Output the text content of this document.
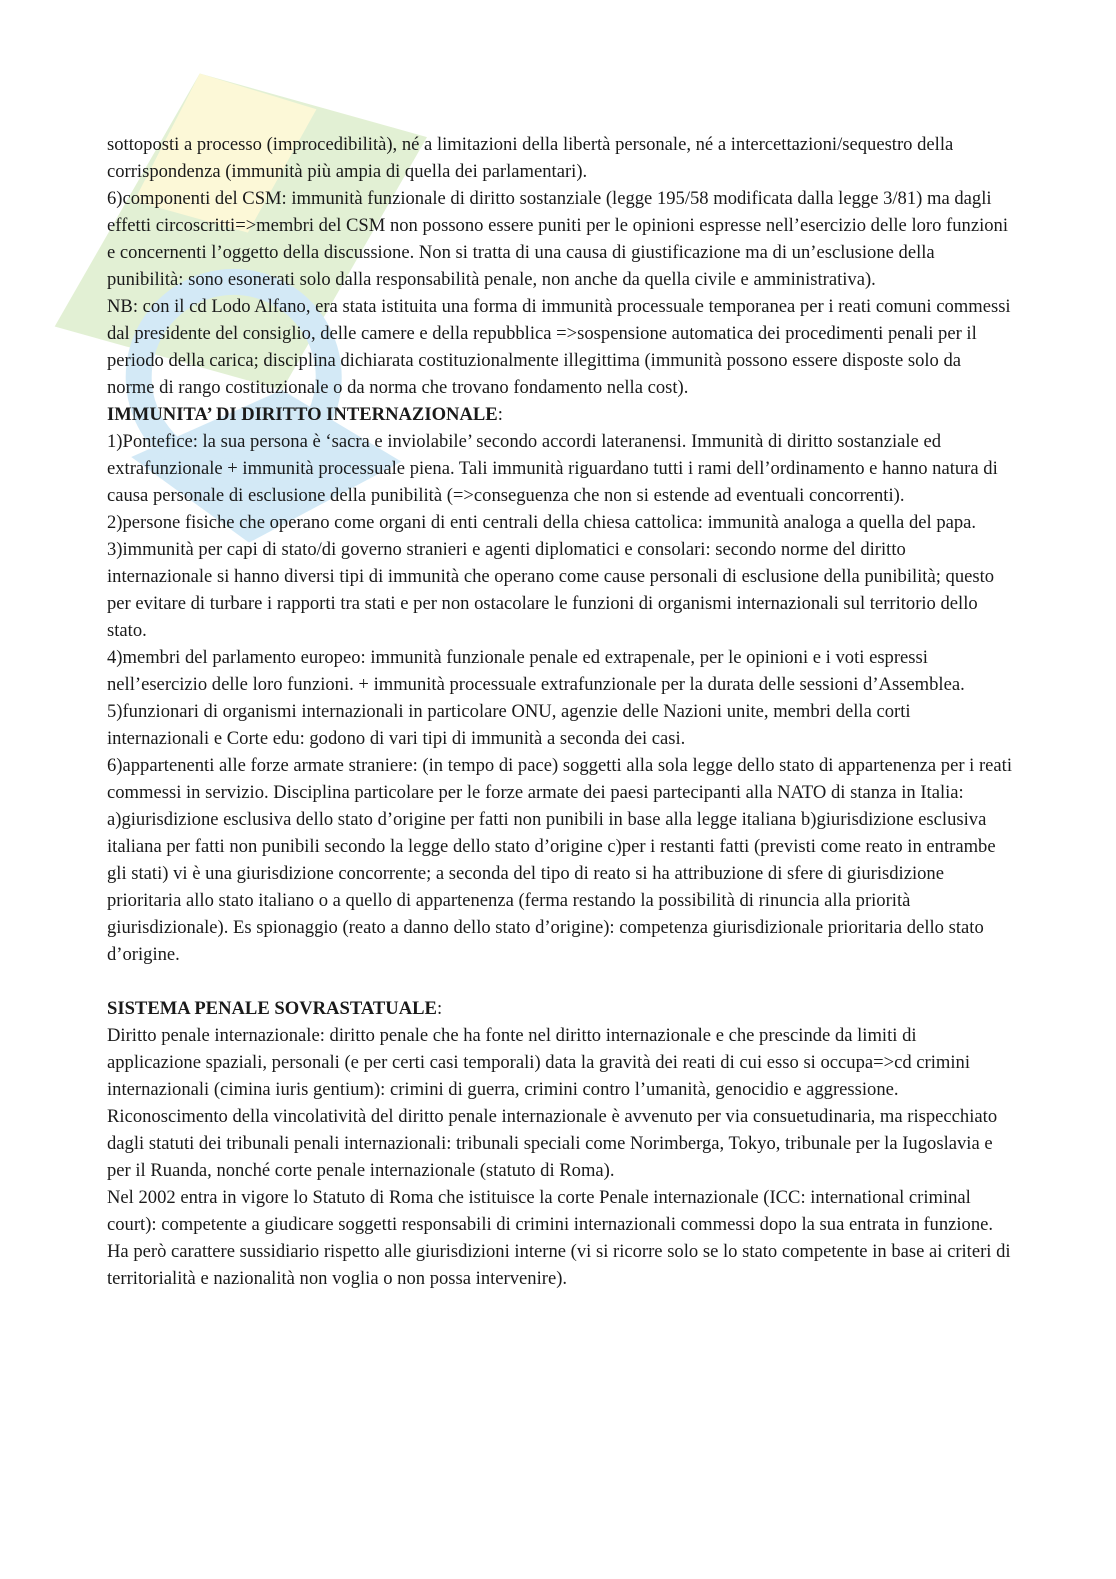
sottoposti a processo (improcedibilità), né a limitazioni della libertà personale, né a intercettazioni/sequestro della corrispondenza (immunità più ampia di quella dei parlamentari).

6)componenti del CSM: immunità funzionale di diritto sostanziale (legge 195/58 modificata dalla legge 3/81) ma dagli effetti circoscritti=>membri del CSM non possono essere puniti per le opinioni espresse nell’esercizio delle loro funzioni e concernenti l’oggetto della discussione. Non si tratta di una causa di giustificazione ma di un’esclusione della punibilità: sono esonerati solo dalla responsabilità penale, non anche da quella civile e amministrativa).

NB: con il cd Lodo Alfano, era stata istituita una forma di immunità processuale temporanea per i reati comuni commessi dal presidente del consiglio, delle camere e della repubblica =>sospensione automatica dei procedimenti penali per il periodo della carica; disciplina dichiarata costituzionalmente illegittima (immunità possono essere disposte solo da norme di rango costituzionale o da norma che trovano fondamento nella cost).

IMMUNITA’ DI DIRITTO INTERNAZIONALE:

1)Pontefice: la sua persona è ‘sacra e inviolabile’ secondo accordi lateranensi. Immunità di diritto sostanziale ed extrafunzionale + immunità processuale piena. Tali immunità riguardano tutti i rami dell’ordinamento e hanno natura di causa personale di esclusione della punibilità (=>conseguenza che non si estende ad eventuali concorrenti).

2)persone fisiche che operano come organi di enti centrali della chiesa cattolica: immunità analoga a quella del papa.

3)immunità per capi di stato/di governo stranieri e agenti diplomatici e consolari: secondo norme del diritto internazionale si hanno diversi tipi di immunità che operano come cause personali di esclusione della punibilità; questo per evitare di turbare i rapporti tra stati e per non ostacolare le funzioni di organismi internazionali sul territorio dello stato.

4)membri del parlamento europeo: immunità funzionale penale ed extrapenale, per le opinioni e i voti espressi nell’esercizio delle loro funzioni. + immunità processuale extrafunzionale per la durata delle sessioni d’Assemblea.

5)funzionari di organismi internazionali in particolare ONU, agenzie delle Nazioni unite, membri della corti internazionali e Corte edu: godono di vari tipi di immunità a seconda dei casi.

6)appartenenti alle forze armate straniere: (in tempo di pace) soggetti alla sola legge dello stato di appartenenza per i reati commessi in servizio. Disciplina particolare per le forze armate dei paesi partecipanti alla NATO di stanza in Italia: a)giurisdizione esclusiva dello stato d’origine per fatti non punibili in base alla legge italiana b)giurisdizione esclusiva italiana per fatti non punibili secondo la legge dello stato d’origine c)per i restanti fatti (previsti come reato in entrambe gli stati) vi è una giurisdizione concorrente; a seconda del tipo di reato si ha attribuzione di sfere di giurisdizione prioritaria allo stato italiano o a quello di appartenenza (ferma restando la possibilità di rinuncia alla priorità giurisdizionale). Es spionaggio (reato a danno dello stato d’origine): competenza giurisdizionale prioritaria dello stato d’origine.

SISTEMA PENALE SOVRASTATUALE:

Diritto penale internazionale: diritto penale che ha fonte nel diritto internazionale e che prescinde da limiti di applicazione spaziali, personali (e per certi casi temporali) data la gravità dei reati di cui esso si occupa=>cd crimini internazionali (cimina iuris gentium): crimini di guerra, crimini contro l’umanità, genocidio e aggressione.

Riconoscimento della vincolatività del diritto penale internazionale è avvenuto per via consuetudinaria, ma rispecchiato dagli statuti dei tribunali penali internazionali: tribunali speciali come Norimberga, Tokyo, tribunale per la Iugoslavia e per il Ruanda, nonché corte penale internazionale (statuto di Roma).

Nel 2002 entra in vigore lo Statuto di Roma che istituisce la corte Penale internazionale (ICC: international criminal court): competente a giudicare soggetti responsabili di crimini internazionali commessi dopo la sua entrata in funzione. Ha però carattere sussidiario rispetto alle giurisdizioni interne (vi si ricorre solo se lo stato competente in base ai criteri di territorialità e nazionalità non voglia o non possa intervenire).
